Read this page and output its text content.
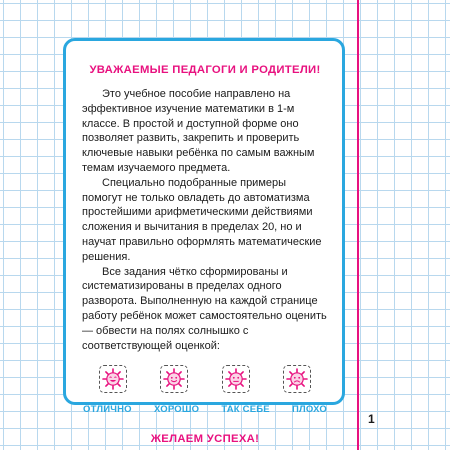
УВАЖАЕМЫЕ ПЕДАГОГИ И РОДИТЕЛИ!

Это учебное пособие направлено на эффективное изучение математики в 1-м классе. В простой и доступной форме оно позволяет развить, закрепить и проверить ключевые навыки ребёнка по самым важным темам изучаемого предмета.

Специально подобранные примеры помогут не только овладеть до автоматизма простейшими арифметическими действиями сложения и вычитания в пределах 20, но и научат правильно оформлять математические решения.

Все задания чётко сформированы и систематизированы в пределах одного разворота. Выполненную на каждой странице работу ребёнок может самостоятельно оценить — обвести на полях солнышко с соответствующей оценкой:

ОТЛИЧНО ХОРОШО ТАК СЕБЕ ПЛОХО

ЖЕЛАЕМ УСПЕХА!

1
